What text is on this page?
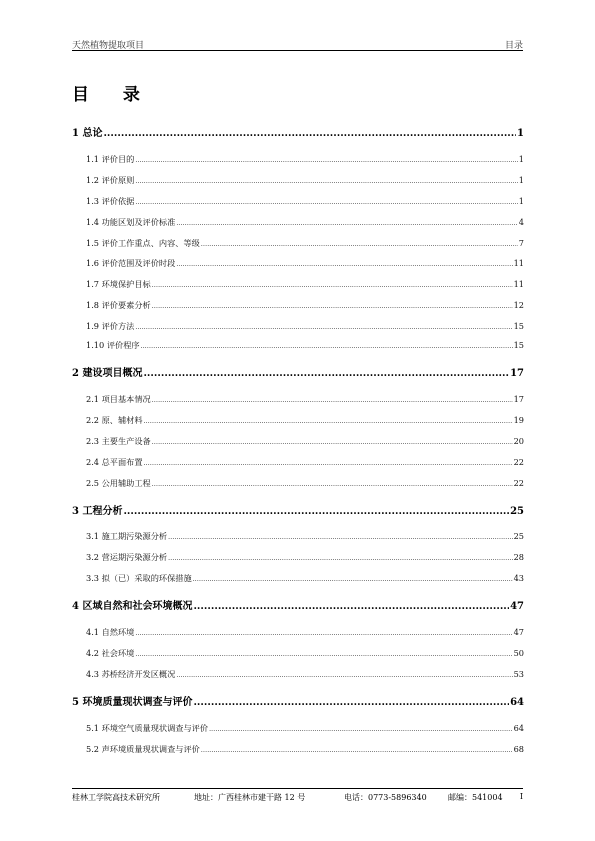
天然植物提取项目	目录
目 录
1 总论 .....	1
1.1 评价目的 .....	1
1.2 评价原则 .....	1
1.3 评价依据 .....	1
1.4 功能区划及评价标准 .....	4
1.5 评价工作重点、内容、等级 .....	7
1.6 评价范围及评价时段 .....	11
1.7 环境保护目标 .....	11
1.8 评价要素分析 .....	12
1.9 评价方法 .....	15
1.10 评价程序 .....	15
2 建设项目概况 .....	17
2.1 项目基本情况 .....	17
2.2 原、辅材料 .....	19
2.3 主要生产设备 .....	20
2.4 总平面布置 .....	22
2.5 公用辅助工程 .....	22
3 工程分析 .....	25
3.1 施工期污染源分析 .....	25
3.2 营运期污染源分析 .....	28
3.3 拟（已）采取的环保措施 .....	43
4 区域自然和社会环境概况 .....	47
4.1 自然环境 .....	47
4.2 社会环境 .....	50
4.3 苏桥经济开发区概况 .....	53
5 环境质量现状调查与评价 .....	64
5.1 环境空气质量现状调查与评价 .....	64
5.2 声环境质量现状调查与评价 .....	68
桂林工学院高技术研究所	地址：广西桂林市建干路 12 号	电话：0773-5896340	邮编：541004	I
